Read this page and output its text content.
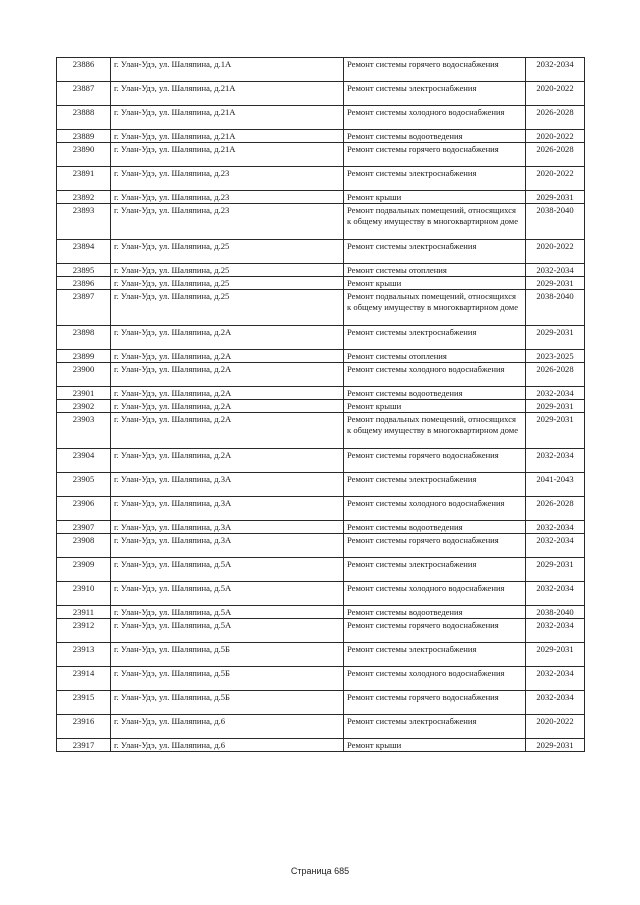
23886	г. Улан-Удэ, ул. Шаляпина, д.1А	Ремонт системы горячего водоснабжения	2032-2034
23887	г. Улан-Удэ, ул. Шаляпина, д.21А	Ремонт системы электроснабжения	2020-2022
23888	г. Улан-Удэ, ул. Шаляпина, д.21А	Ремонт системы холодного водоснабжения	2026-2028
23889	г. Улан-Удэ, ул. Шаляпина, д.21А	Ремонт системы водоотведения	2020-2022
23890	г. Улан-Удэ, ул. Шаляпина, д.21А	Ремонт системы горячего водоснабжения	2026-2028
23891	г. Улан-Удэ, ул. Шаляпина, д.23	Ремонт системы электроснабжения	2020-2022
23892	г. Улан-Удэ, ул. Шаляпина, д.23	Ремонт крыши	2029-2031
23893	г. Улан-Удэ, ул. Шаляпина, д.23	Ремонт подвальных помещений, относящихся к общему имуществу в многоквартирном доме	2038-2040
23894	г. Улан-Удэ, ул. Шаляпина, д.25	Ремонт системы электроснабжения	2020-2022
23895	г. Улан-Удэ, ул. Шаляпина, д.25	Ремонт системы отопления	2032-2034
23896	г. Улан-Удэ, ул. Шаляпина, д.25	Ремонт крыши	2029-2031
23897	г. Улан-Удэ, ул. Шаляпина, д.25	Ремонт подвальных помещений, относящихся к общему имуществу в многоквартирном доме	2038-2040
23898	г. Улан-Удэ, ул. Шаляпина, д.2А	Ремонт системы электроснабжения	2029-2031
23899	г. Улан-Удэ, ул. Шаляпина, д.2А	Ремонт системы отопления	2023-2025
23900	г. Улан-Удэ, ул. Шаляпина, д.2А	Ремонт системы холодного водоснабжения	2026-2028
23901	г. Улан-Удэ, ул. Шаляпина, д.2А	Ремонт системы водоотведения	2032-2034
23902	г. Улан-Удэ, ул. Шаляпина, д.2А	Ремонт крыши	2029-2031
23903	г. Улан-Удэ, ул. Шаляпина, д.2А	Ремонт подвальных помещений, относящихся к общему имуществу в многоквартирном доме	2029-2031
23904	г. Улан-Удэ, ул. Шаляпина, д.2А	Ремонт системы горячего водоснабжения	2032-2034
23905	г. Улан-Удэ, ул. Шаляпина, д.3А	Ремонт системы электроснабжения	2041-2043
23906	г. Улан-Удэ, ул. Шаляпина, д.3А	Ремонт системы холодного водоснабжения	2026-2028
23907	г. Улан-Удэ, ул. Шаляпина, д.3А	Ремонт системы водоотведения	2032-2034
23908	г. Улан-Удэ, ул. Шаляпина, д.3А	Ремонт системы горячего водоснабжения	2032-2034
23909	г. Улан-Удэ, ул. Шаляпина, д.5А	Ремонт системы электроснабжения	2029-2031
23910	г. Улан-Удэ, ул. Шаляпина, д.5А	Ремонт системы холодного водоснабжения	2032-2034
23911	г. Улан-Удэ, ул. Шаляпина, д.5А	Ремонт системы водоотведения	2038-2040
23912	г. Улан-Удэ, ул. Шаляпина, д.5А	Ремонт системы горячего водоснабжения	2032-2034
23913	г. Улан-Удэ, ул. Шаляпина, д.5Б	Ремонт системы электроснабжения	2029-2031
23914	г. Улан-Удэ, ул. Шаляпина, д.5Б	Ремонт системы холодного водоснабжения	2032-2034
23915	г. Улан-Удэ, ул. Шаляпина, д.5Б	Ремонт системы горячего водоснабжения	2032-2034
23916	г. Улан-Удэ, ул. Шаляпина, д.6	Ремонт системы электроснабжения	2020-2022
23917	г. Улан-Удэ, ул. Шаляпина, д.6	Ремонт крыши	2029-2031
Страница 685
